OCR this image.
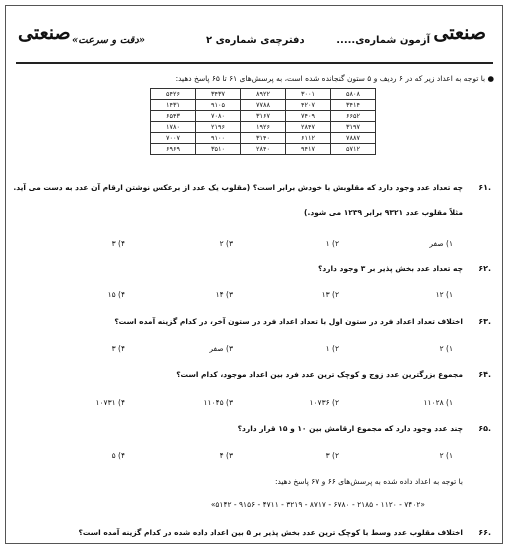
صنعتی «دقت و سرعت»	دفترچه‌ی شماره‌ی ۲	آزمون شماره‌ی..... صنعتی
● با توجه به اعداد زیر که در ۶ ردیف و ۵ ستون گنجانده شده است، به پرسش‌های ۶۱ تا ۶۵ پاسخ دهید:
۵۴۲۶	۳۴۳۷	۸۹۲۲	۳۰۰۱	۵۸۰۸
۱۴۳۱	۹۱۰۵	۷۷۸۸	۴۲۰۷	۳۴۱۴
۶۵۴۳	۷۰۸۰	۳۱۶۷	۷۴۰۹	۶۶۵۲
۱۷۸۰	۲۱۹۶	۱۹۲۶	۲۸۴۷	۳۱۹۷
۷۰۰۷	۹۱۰۰	۳۱۴۰	۶۱۱۲	۷۸۸۷
۶۹۶۹	۳۵۱۰	۲۸۴۰	۹۴۱۷	۵۷۱۲
۶۱.
چه تعداد عدد وجود دارد که مقلوبش با خودش برابر است؟ (مقلوب یک عدد از برعکس نوشتن ارقام آن عدد به دست می آید.
مثلاً مقلوب عدد ۹۳۲۱ برابر ۱۲۳۹ می شود.)
۱) صفر
۲) ۱
۳) ۲
۴) ۳
۶۲.
چه تعداد عدد بخش پذیر بر ۳ وجود دارد؟
۱) ۱۲
۲) ۱۳
۳) ۱۴
۴) ۱۵
۶۳.
اختلاف تعداد اعداد فرد در ستون اول با تعداد اعداد فرد در ستون آخر، در کدام گزینه آمده است؟
۱) ۲
۲) ۱
۳) صفر
۴) ۳
۶۴.
مجموع بزرگترین عدد زوج و کوچک ترین عدد فرد بین اعداد موجود، کدام است؟
۱) ۱۱۰۲۸
۲) ۱۰۷۳۶
۳) ۱۱۰۴۵
۴) ۱۰۷۳۱
۶۵.
چند عدد وجود دارد که مجموع ارقامش بین ۱۰ و ۱۵ قرار دارد؟
۱) ۲
۲) ۳
۳) ۴
۴) ۵
با توجه به اعداد داده شده به پرسش‌های ۶۶ و ۶۷ پاسخ دهید:
«۷۴۰۲ - ۱۱۲۰ - ۲۱۸۵ - ۶۷۸۰ - ۸۷۱۷ - ۳۲۱۹ - ۴۷۱۱ - ۹۱۵۶ - ۵۱۴۲»
۶۶.
اختلاف مقلوب عدد وسط با کوچک ترین عدد بخش پذیر بر ۵ بین اعداد داده شده در کدام گزینه آمده است؟
